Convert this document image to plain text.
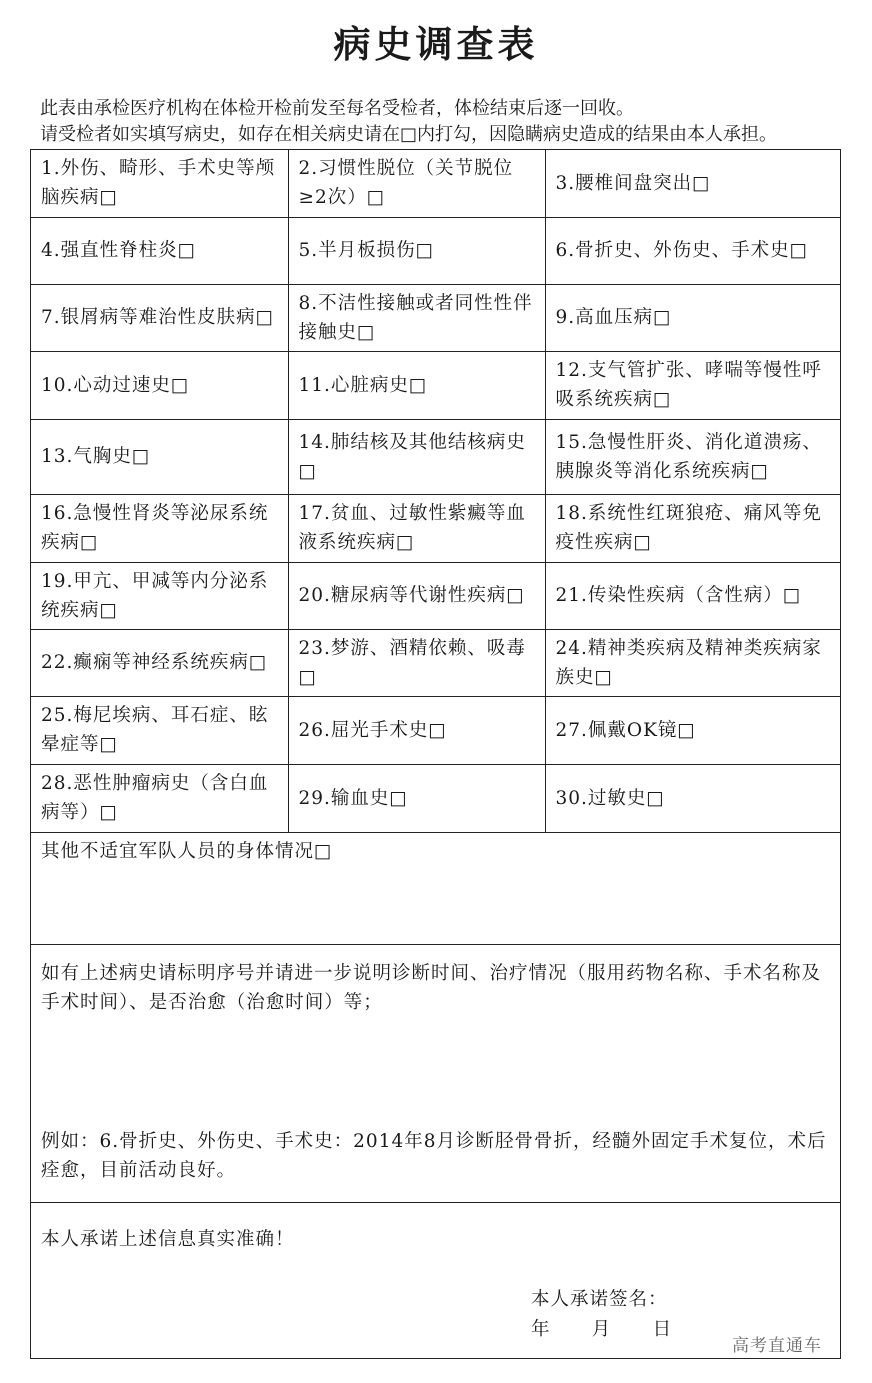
病史调查表
此表由承检医疗机构在体检开检前发至每名受检者，体检结束后逐一回收。
请受检者如实填写病史，如存在相关病史请在□内打勾，因隐瞒病史造成的结果由本人承担。
1.外伤、畸形、手术史等颅脑疾病□	2.习惯性脱位（关节脱位≥2次）□	3.腰椎间盘突出□
4.强直性脊柱炎□	5.半月板损伤□	6.骨折史、外伤史、手术史□
7.银屑病等难治性皮肤病□	8.不洁性接触或者同性性伴接触史□	9.高血压病□
10.心动过速史□	11.心脏病史□	12.支气管扩张、哮喘等慢性呼吸系统疾病□
13.气胸史□	14.肺结核及其他结核病史□	15.急慢性肝炎、消化道溃疡、胰腺炎等消化系统疾病□
16.急慢性肾炎等泌尿系统疾病□	17.贫血、过敏性紫癜等血液系统疾病□	18.系统性红斑狼疮、痛风等免疫性疾病□
19.甲亢、甲减等内分泌系统疾病□	20.糖尿病等代谢性疾病□	21.传染性疾病（含性病）□
22.癫痫等神经系统疾病□	23.梦游、酒精依赖、吸毒□	24.精神类疾病及精神类疾病家族史□
25.梅尼埃病、耳石症、眩晕症等□	26.屈光手术史□	27.佩戴OK镜□
28.恶性肿瘤病史（含白血病等）□	29.输血史□	30.过敏史□
其他不适宜军队人员的身体情况□
如有上述病史请标明序号并请进一步说明诊断时间、治疗情况（服用药物名称、手术名称及手术时间）、是否治愈（治愈时间）等；
例如：6.骨折史、外伤史、手术史：2014年8月诊断胫骨骨折，经髓外固定手术复位，术后痊愈，目前活动良好。
本人承诺上述信息真实准确！
本人承诺签名：
年      月      日
高考直通车
